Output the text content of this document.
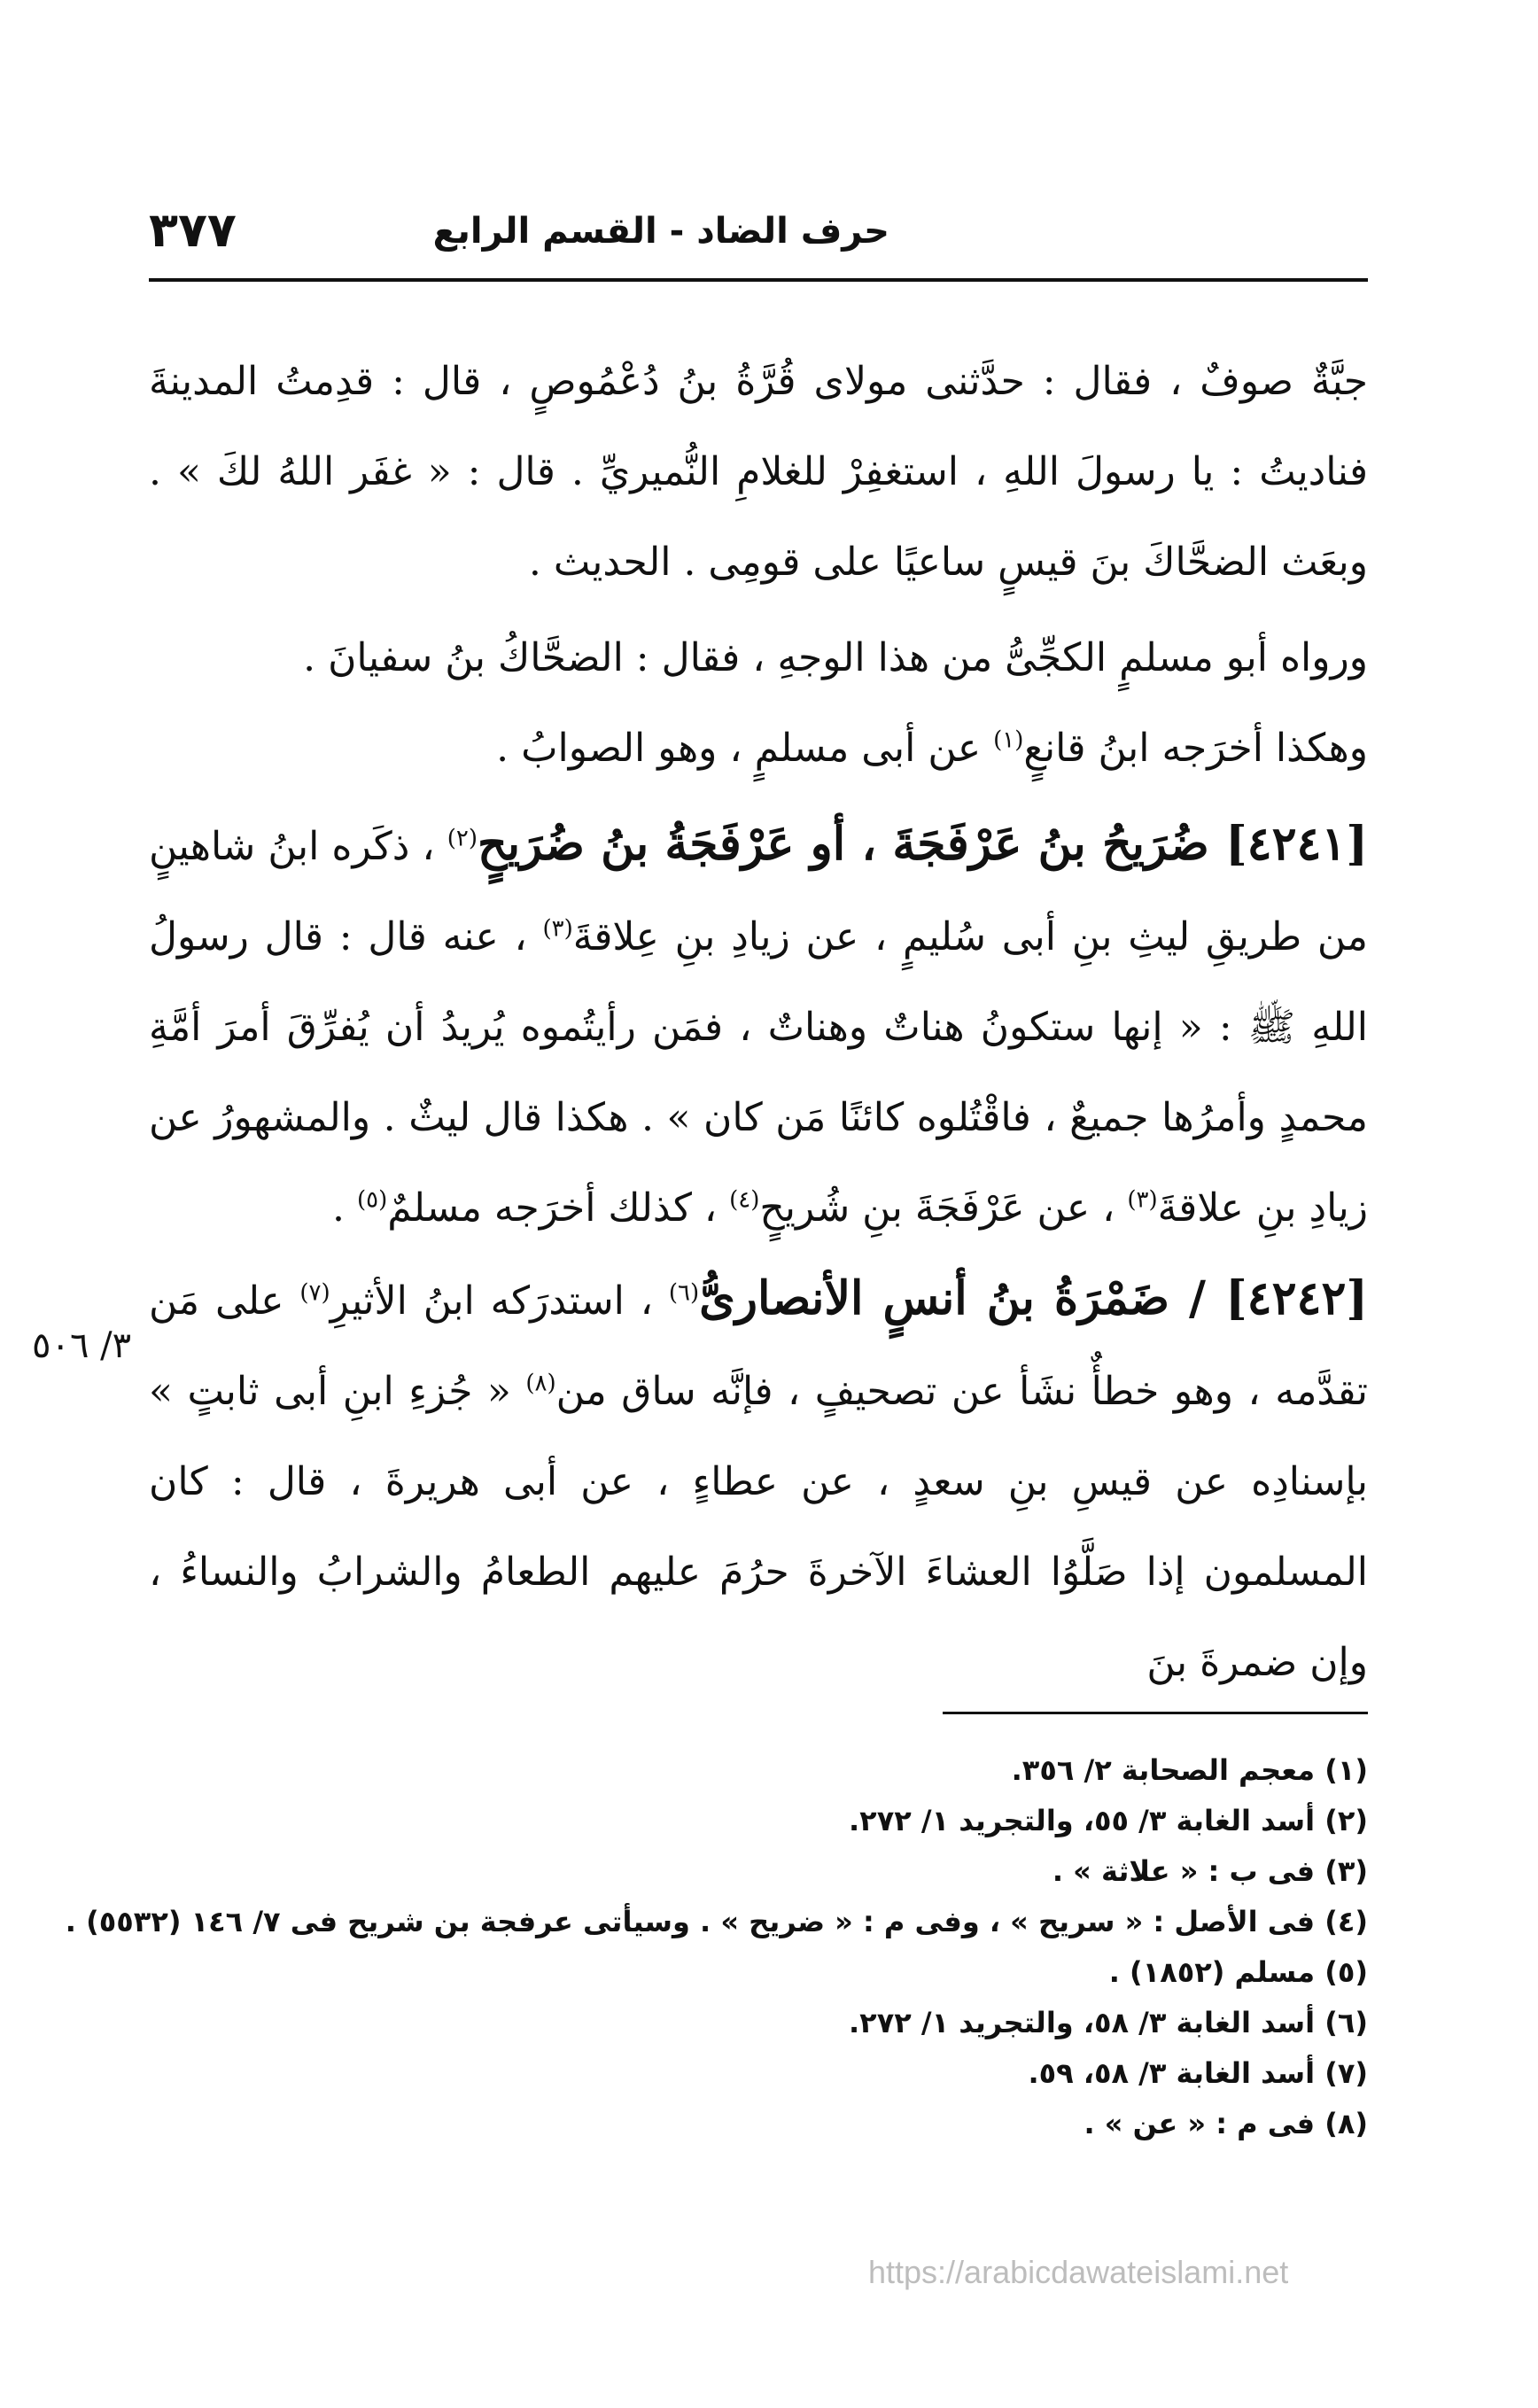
حرف الضاد - القسم الرابع
٣٧٧

جبَّةٌ صوفٌ ، فقال : حدَّثنى مولاى قُرَّةُ بنُ دُعْمُوصٍ ، قال : قدِمتُ المدينةَ فناديتُ : يا رسولَ اللهِ ، استغفِرْ للغلامِ النُّميريِّ . قال : « غفَر اللهُ لكَ » . وبعَث الضحَّاكَ بنَ قيسٍ ساعيًا على قومِى . الحديث .

ورواه أبو مسلمٍ الكجِّىُّ من هذا الوجهِ ، فقال : الضحَّاكُ بنُ سفيانَ .

وهكذا أخرَجه ابنُ قانعٍ$^{(١)}$ عن أبى مسلمٍ ، وهو الصوابُ .

[٤٢٤١] ضُرَيحُ بنُ عَرْفَجَةَ ، أو عَرْفَجَةُ بنُ ضُرَيحٍ$^{(٢)}$ ، ذكَره ابنُ شاهينٍ من طريقِ ليثِ بنِ أبى سُليمٍ ، عن زيادِ بنِ عِلاقةَ$^{(٣)}$ ، عنه قال : قال رسولُ اللهِ ﷺ : « إنها ستكونُ هناتٌ وهناتٌ ، فمَن رأيتُموه يُريدُ أن يُفرِّقَ أمرَ أمَّةِ محمدٍ وأمرُها جميعٌ ، فاقْتُلوه كائنًا مَن كان » . هكذا قال ليثٌ . والمشهورُ عن زيادِ بنِ علاقةَ$^{(٣)}$ ، عن عَرْفَجَةَ بنِ شُريحٍ$^{(٤)}$ ، كذلك أخرَجه مسلمٌ$^{(٥)}$ .

[٤٢٤٢] / ضَمْرَةُ بنُ أنسٍ الأنصارىُّ$^{(٦)}$ ، استدرَكه ابنُ الأثيرِ$^{(٧)}$ على مَن تقدَّمه ، وهو خطأٌ نشَأ عن تصحيفٍ ، فإنَّه ساق من$^{(٨)}$ « جُزءِ ابنِ أبى ثابتٍ » بإسنادِه عن قيسِ بنِ سعدٍ ، عن عطاءٍ ، عن أبى هريرةَ ، قال : كان المسلمون إذا صَلَّوُا العشاءَ الآخرةَ حرُمَ عليهم الطعامُ والشرابُ والنساءُ ، وإن ضمرةَ بنَ

٣/ ٥٠٦
(١) معجم الصحابة ٢/ ٣٥٦.
(٢) أسد الغابة ٣/ ٥٥، والتجريد ١/ ٢٧٢.
(٣) فى ب : « علاثة » .
(٤) فى الأصل : « سريح » ، وفى م : « ضريح » . وسيأتى عرفجة بن شريح فى ٧/ ١٤٦ (٥٥٣٢) .
(٥) مسلم (١٨٥٢) .
(٦) أسد الغابة ٣/ ٥٨، والتجريد ١/ ٢٧٢.
(٧) أسد الغابة ٣/ ٥٨، ٥٩.
(٨) فى م : « عن » .
https://arabicdawateislami.net
